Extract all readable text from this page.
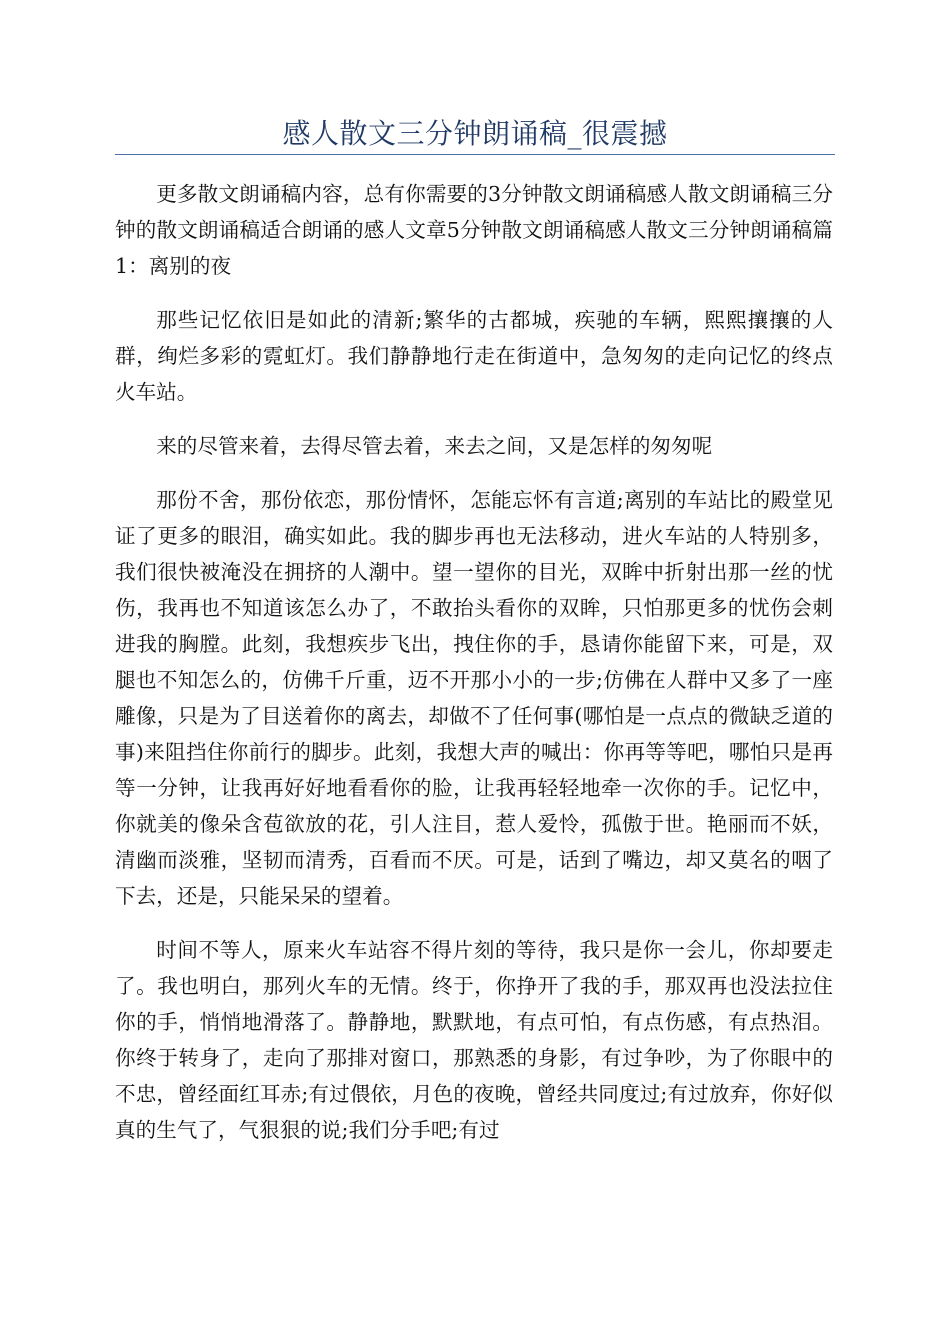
感人散文三分钟朗诵稿_很震撼

更多散文朗诵稿内容，总有你需要的3分钟散文朗诵稿感人散文朗诵稿三分钟的散文朗诵稿适合朗诵的感人文章5分钟散文朗诵稿感人散文三分钟朗诵稿篇1：离别的夜

那些记忆依旧是如此的清新;繁华的古都城，疾驰的车辆，熙熙攘攘的人群，绚烂多彩的霓虹灯。我们静静地行走在街道中，急匆匆的走向记忆的终点火车站。

来的尽管来着，去得尽管去着，来去之间，又是怎样的匆匆呢

那份不舍，那份依恋，那份情怀，怎能忘怀有言道;离别的车站比的殿堂见证了更多的眼泪，确实如此。我的脚步再也无法移动，进火车站的人特别多，我们很快被淹没在拥挤的人潮中。望一望你的目光，双眸中折射出那一丝的忧伤，我再也不知道该怎么办了，不敢抬头看你的双眸，只怕那更多的忧伤会刺进我的胸膛。此刻，我想疾步飞出，拽住你的手，恳请你能留下来，可是，双腿也不知怎么的，仿佛千斤重，迈不开那小小的一步;仿佛在人群中又多了一座雕像，只是为了目送着你的离去，却做不了任何事(哪怕是一点点的微缺乏道的事)来阻挡住你前行的脚步。此刻，我想大声的喊出：你再等等吧，哪怕只是再等一分钟，让我再好好地看看你的脸，让我再轻轻地牵一次你的手。记忆中，你就美的像朵含苞欲放的花，引人注目，惹人爱怜，孤傲于世。艳丽而不妖，清幽而淡雅，坚韧而清秀，百看而不厌。可是，话到了嘴边，却又莫名的咽了下去，还是，只能呆呆的望着。

时间不等人，原来火车站容不得片刻的等待，我只是你一会儿，你却要走了。我也明白，那列火车的无情。终于，你挣开了我的手，那双再也没法拉住你的手，悄悄地滑落了。静静地，默默地，有点可怕，有点伤感，有点热泪。你终于转身了，走向了那排对窗口，那熟悉的身影，有过争吵，为了你眼中的不忠，曾经面红耳赤;有过偎依，月色的夜晚，曾经共同度过;有过放弃，你好似真的生气了，气狠狠的说;我们分手吧;有过
